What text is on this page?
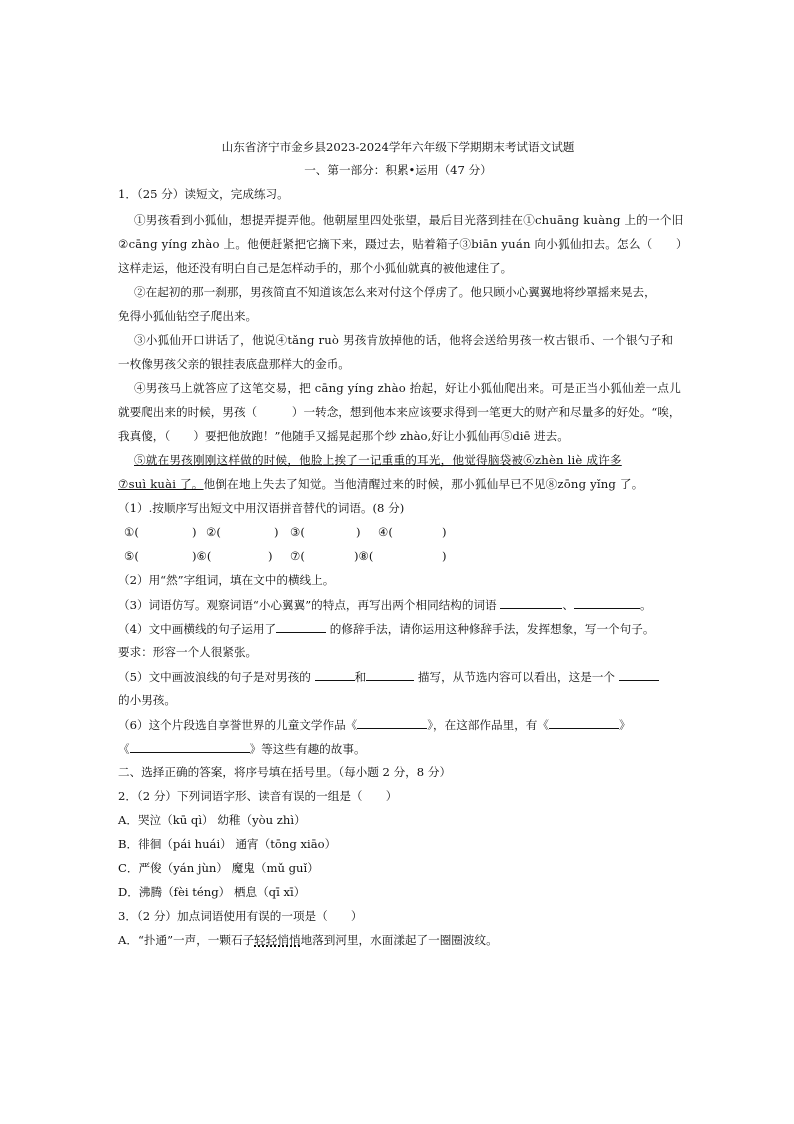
山东省济宁市金乡县2023-2024学年六年级下学期期末考试语文试题
一、第一部分：积累•运用（47 分）
1．（25 分）读短文，完成练习。
①男孩看到小狐仙，想提弄提弄他。他朝屋里四处张望，最后目光落到挂在①chuāng kuàng 上的一个旧
②cāng yíng zhào 上。他便赶紧把它摘下来，蹑过去，贴着箱子③biān yuán 向小狐仙扣去。怎么（　　）
这样走运，他还没有明白自己是怎样动手的，那个小狐仙就真的被他逮住了。
②在起初的那一刹那，男孩简直不知道该怎么来对付这个俘虏了。他只顾小心翼翼地将纱罩摇来晃去，
免得小狐仙钻空子爬出来。
③小狐仙开口讲话了，他说④tǎng ruò 男孩肯放掉他的话，他将会送给男孩一枚古银币、一个银勺子和
一枚像男孩父亲的银挂表底盘那样大的金币。
④男孩马上就答应了这笔交易，把 cāng yíng zhào 抬起，好让小狐仙爬出来。可是正当小狐仙差一点儿
就要爬出来的时候，男孩（　　　）一转念，想到他本来应该要求得到一笔更大的财产和尽量多的好处。“唉，
我真傻，（　　）要把他放跑！”他随手又摇晃起那个纱 zhào,好让小狐仙再⑤diē 进去。
⑤就在男孩刚刚这样做的时候，他脸上挨了一记重重的耳光，他觉得脑袋被⑥zhèn liè 成许多
⑦suì kuài 了。他倒在地上失去了知觉。当他清醒过来的时候，那小狐仙早已不见⑧zōng yǐng 了。
（1）.按顺序写出短文中用汉语拼音替代的词语。(8 分)
①(	) ②(	) ③(	) ④(	)
⑤(	)⑥(	) ⑦(	)⑧(	)
（2）用“然”字组词，填在文中的横线上。
（3）词语仿写。观察词语“小心翼翼”的特点，再写出两个相同结构的词语	、	。
（4）文中画横线的句子运用了	的修辞手法，请你运用这种修辞手法，发挥想象，写一个句子。
要求：形容一个人很紧张。
（5）文中画波浪线的句子是对男孩的	和	描写，从节选内容可以看出，这是一个
的小男孩。
（6）这个片段选自享誉世界的儿童文学作品《	》，在这部作品里，有《	》
《	》等这些有趣的故事。
二、选择正确的答案，将序号填在括号里。（每小题 2 分，8 分）
2．（2 分）下列词语字形、读音有误的一组是（　　）
A．哭泣（kū qì） 幼稚（yòu zhì）
B．徘徊（pái huái） 通宵（tōng xiāo）
C．严俊（yán jùn） 魔鬼（mǔ guǐ）
D．沸腾（fèi téng） 栖息（qī xī）
3．（2 分）加点词语使用有误的一项是（　　）
A．“扑通”一声，一颗石子轻轻悄悄地落到河里，水面漾起了一圈圈波纹。
